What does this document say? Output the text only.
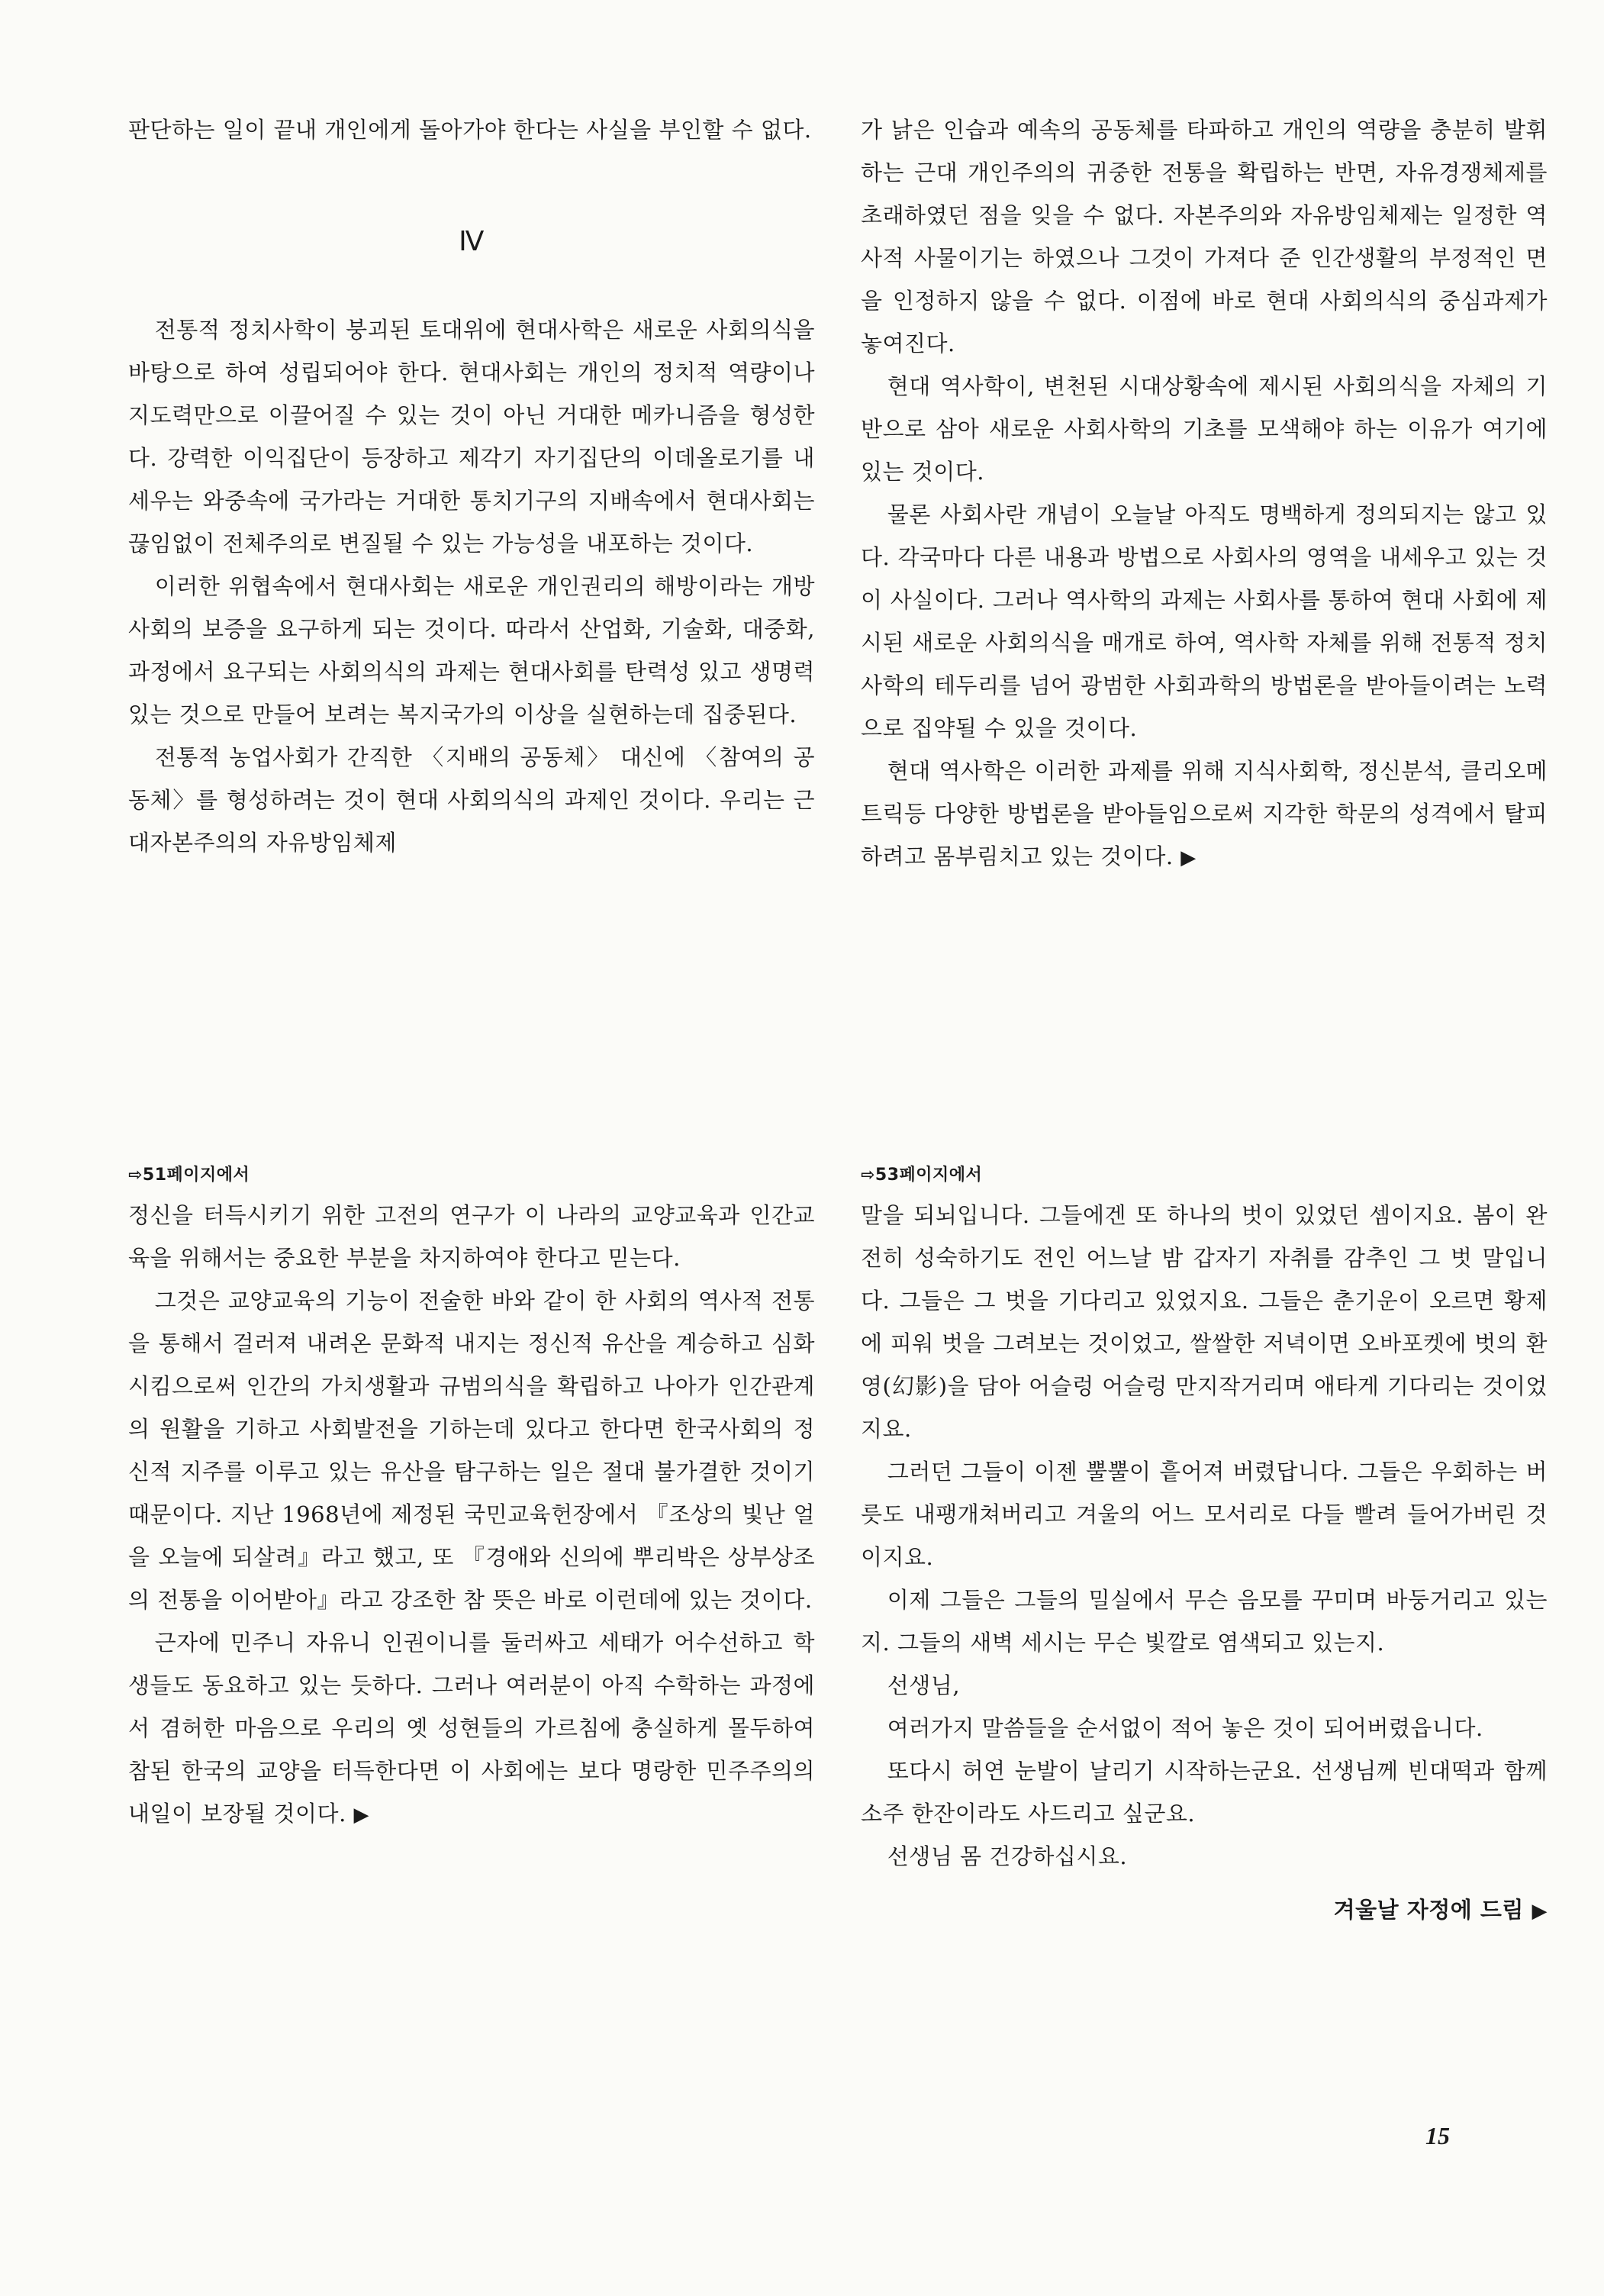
판단하는 일이 끝내 개인에게 돌아가야 한다는 사실을 부인할 수 없다.

Ⅳ

전통적 정치사학이 붕괴된 토대위에 현대사학은 새로운 사회의식을 바탕으로 하여 성립되어야 한다. 현대사회는 개인의 정치적 역량이나 지도력만으로 이끌어질 수 있는 것이 아닌 거대한 메카니즘을 형성한다. 강력한 이익집단이 등장하고 제각기 자기집단의 이데올로기를 내세우는 와중속에 국가라는 거대한 통치기구의 지배속에서 현대사회는 끊임없이 전체주의로 변질될 수 있는 가능성을 내포하는 것이다.

이러한 위협속에서 현대사회는 새로운 개인권리의 해방이라는 개방사회의 보증을 요구하게 되는 것이다. 따라서 산업화, 기술화, 대중화, 과정에서 요구되는 사회의식의 과제는 현대사회를 탄력성 있고 생명력 있는 것으로 만들어 보려는 복지국가의 이상을 실현하는데 집중된다.

전통적 농업사회가 간직한 〈지배의 공동체〉 대신에 〈참여의 공동체〉를 형성하려는 것이 현대 사회의식의 과제인 것이다. 우리는 근대자본주의의 자유방임체제

가 낡은 인습과 예속의 공동체를 타파하고 개인의 역량을 충분히 발휘하는 근대 개인주의의 귀중한 전통을 확립하는 반면, 자유경쟁체제를 초래하였던 점을 잊을 수 없다. 자본주의와 자유방임체제는 일정한 역사적 사물이기는 하였으나 그것이 가져다 준 인간생활의 부정적인 면을 인정하지 않을 수 없다. 이점에 바로 현대 사회의식의 중심과제가 놓여진다.

현대 역사학이, 변천된 시대상황속에 제시된 사회의식을 자체의 기반으로 삼아 새로운 사회사학의 기초를 모색해야 하는 이유가 여기에 있는 것이다.

물론 사회사란 개념이 오늘날 아직도 명백하게 정의되지는 않고 있다. 각국마다 다른 내용과 방법으로 사회사의 영역을 내세우고 있는 것이 사실이다. 그러나 역사학의 과제는 사회사를 통하여 현대 사회에 제시된 새로운 사회의식을 매개로 하여, 역사학 자체를 위해 전통적 정치사학의 테두리를 넘어 광범한 사회과학의 방법론을 받아들이려는 노력으로 집약될 수 있을 것이다.

현대 역사학은 이러한 과제를 위해 지식사회학, 정신분석, 클리오메트릭등 다양한 방법론을 받아들임으로써 지각한 학문의 성격에서 탈피하려고 몸부림치고 있는 것이다. ▶

⇨51페이지에서

정신을 터득시키기 위한 고전의 연구가 이 나라의 교양교육과 인간교육을 위해서는 중요한 부분을 차지하여야 한다고 믿는다.

그것은 교양교육의 기능이 전술한 바와 같이 한 사회의 역사적 전통을 통해서 걸러져 내려온 문화적 내지는 정신적 유산을 계승하고 심화시킴으로써 인간의 가치생활과 규범의식을 확립하고 나아가 인간관계의 원활을 기하고 사회발전을 기하는데 있다고 한다면 한국사회의 정신적 지주를 이루고 있는 유산을 탐구하는 일은 절대 불가결한 것이기 때문이다. 지난 1968년에 제정된 국민교육헌장에서 『조상의 빛난 얼을 오늘에 되살려』라고 했고, 또 『경애와 신의에 뿌리박은 상부상조의 전통을 이어받아』라고 강조한 참 뜻은 바로 이런데에 있는 것이다.

근자에 민주니 자유니 인권이니를 둘러싸고 세태가 어수선하고 학생들도 동요하고 있는 듯하다. 그러나 여러분이 아직 수학하는 과정에서 겸허한 마음으로 우리의 옛 성현들의 가르침에 충실하게 몰두하여 참된 한국의 교양을 터득한다면 이 사회에는 보다 명랑한 민주주의의 내일이 보장될 것이다. ▶

⇨53페이지에서

말을 되뇌입니다. 그들에겐 또 하나의 벗이 있었던 셈이지요. 봄이 완전히 성숙하기도 전인 어느날 밤 갑자기 자취를 감추인 그 벗 말입니다. 그들은 그 벗을 기다리고 있었지요. 그들은 춘기운이 오르면 황제에 피워 벗을 그려보는 것이었고, 쌀쌀한 저녁이면 오바포켓에 벗의 환영(幻影)을 담아 어슬렁 어슬렁 만지작거리며 애타게 기다리는 것이었지요.

그러던 그들이 이젠 뿔뿔이 흩어져 버렸답니다. 그들은 우회하는 버릇도 내팽개쳐버리고 겨울의 어느 모서리로 다들 빨려 들어가버린 것이지요.

이제 그들은 그들의 밀실에서 무슨 음모를 꾸미며 바둥거리고 있는지. 그들의 새벽 세시는 무슨 빛깔로 염색되고 있는지.

선생님,

여러가지 말씀들을 순서없이 적어 놓은 것이 되어버렸읍니다.

또다시 허연 눈발이 날리기 시작하는군요. 선생님께 빈대떡과 함께 소주 한잔이라도 사드리고 싶군요.

선생님 몸 건강하십시요.

겨울날 자정에 드림 ▶

15
